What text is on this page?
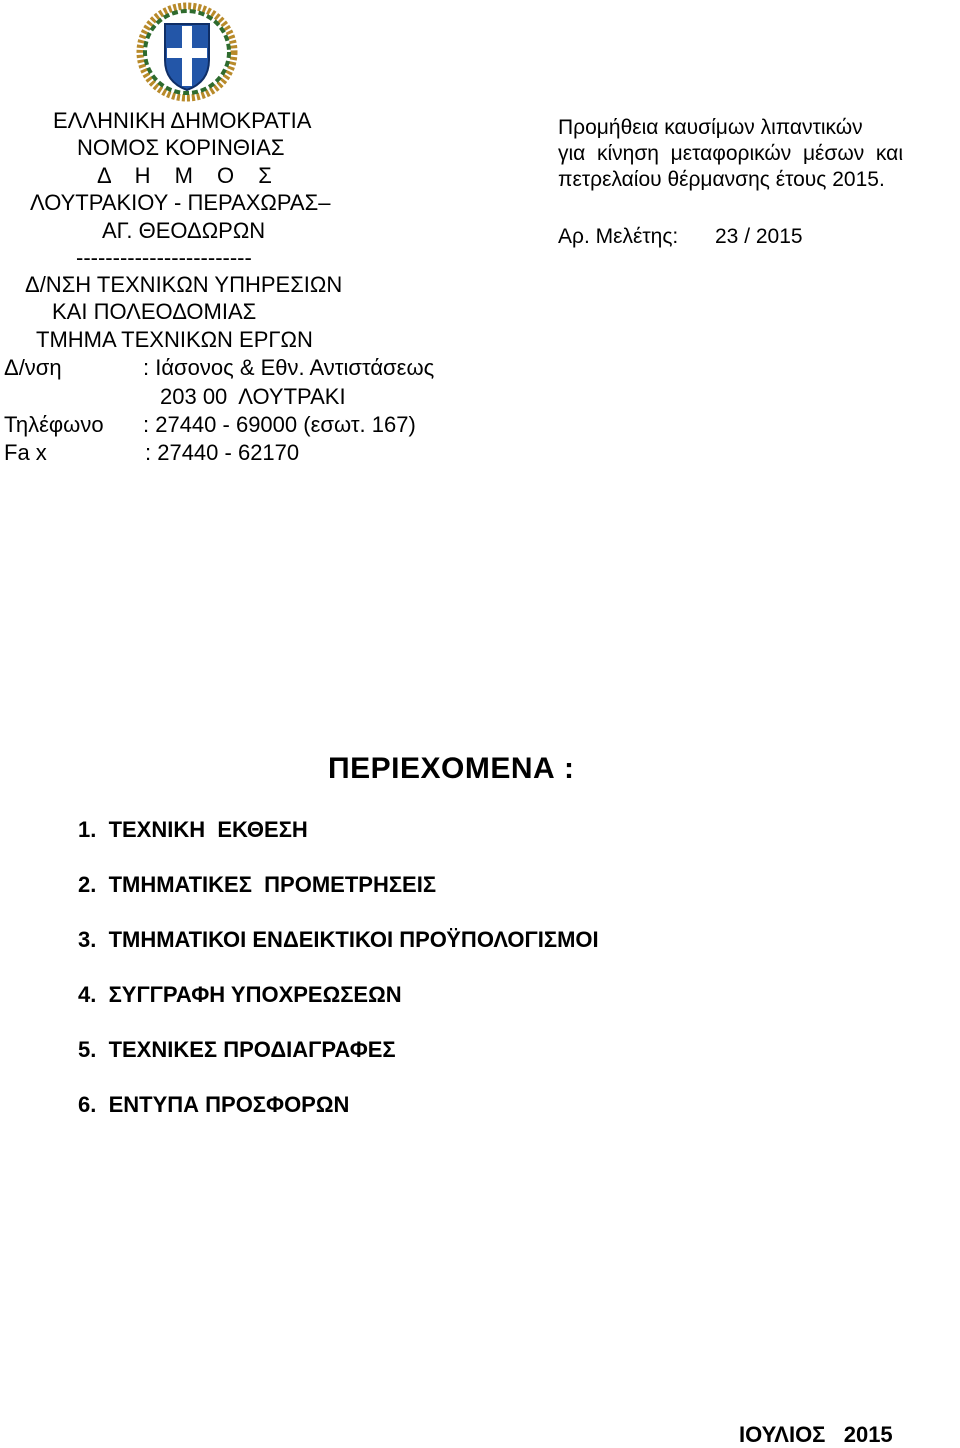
ΕΛΛΗΝΙΚΗ ΔΗΜΟΚΡΑΤΙΑ
ΝΟΜΟΣ ΚΟΡΙΝΘΙΑΣ
Δ Η Μ Ο Σ
ΛΟΥΤΡΑΚΙΟΥ - ΠΕΡΑΧΩΡΑΣ–
ΑΓ. ΘΕΟΔΩΡΩΝ
------------------------
Δ/ΝΣΗ ΤΕΧΝΙΚΩΝ ΥΠΗΡΕΣΙΩΝ
ΚΑΙ ΠΟΛΕΟΔΟΜΙΑΣ
ΤΜΗΜΑ ΤΕΧΝΙΚΩΝ ΕΡΓΩΝ
Δ/νση	: Ιάσονος & Εθν. Αντιστάσεως
203 00  ΛΟΥΤΡΑΚΙ
Τηλέφωνο : 27440 - 69000 (εσωτ. 167)
Fa x	: 27440 - 62170
Προμήθεια καυσίμων λιπαντικών
για  κίνηση  μεταφορικών  μέσων  και
πετρελαίου θέρμανσης έτους 2015.
Αρ. Μελέτης: 23 / 2015
ΠΕΡΙΕΧΟΜΕΝΑ :
1.  ΤΕΧΝΙΚΗ  ΕΚΘΕΣΗ
2.  ΤΜΗΜΑΤΙΚΕΣ  ΠΡΟΜΕΤΡΗΣΕΙΣ
3.  ΤΜΗΜΑΤΙΚΟΙ ΕΝΔΕΙΚΤΙΚΟΙ ΠΡΟΫΠΟΛΟΓΙΣΜΟΙ
4.  ΣΥΓΓΡΑΦΗ ΥΠΟΧΡΕΩΣΕΩΝ
5.  ΤΕΧΝΙΚΕΣ ΠΡΟΔΙΑΓΡΑΦΕΣ
6.  ΕΝΤΥΠΑ ΠΡΟΣΦΟΡΩΝ
ΙΟΥΛΙΟΣ   2015
